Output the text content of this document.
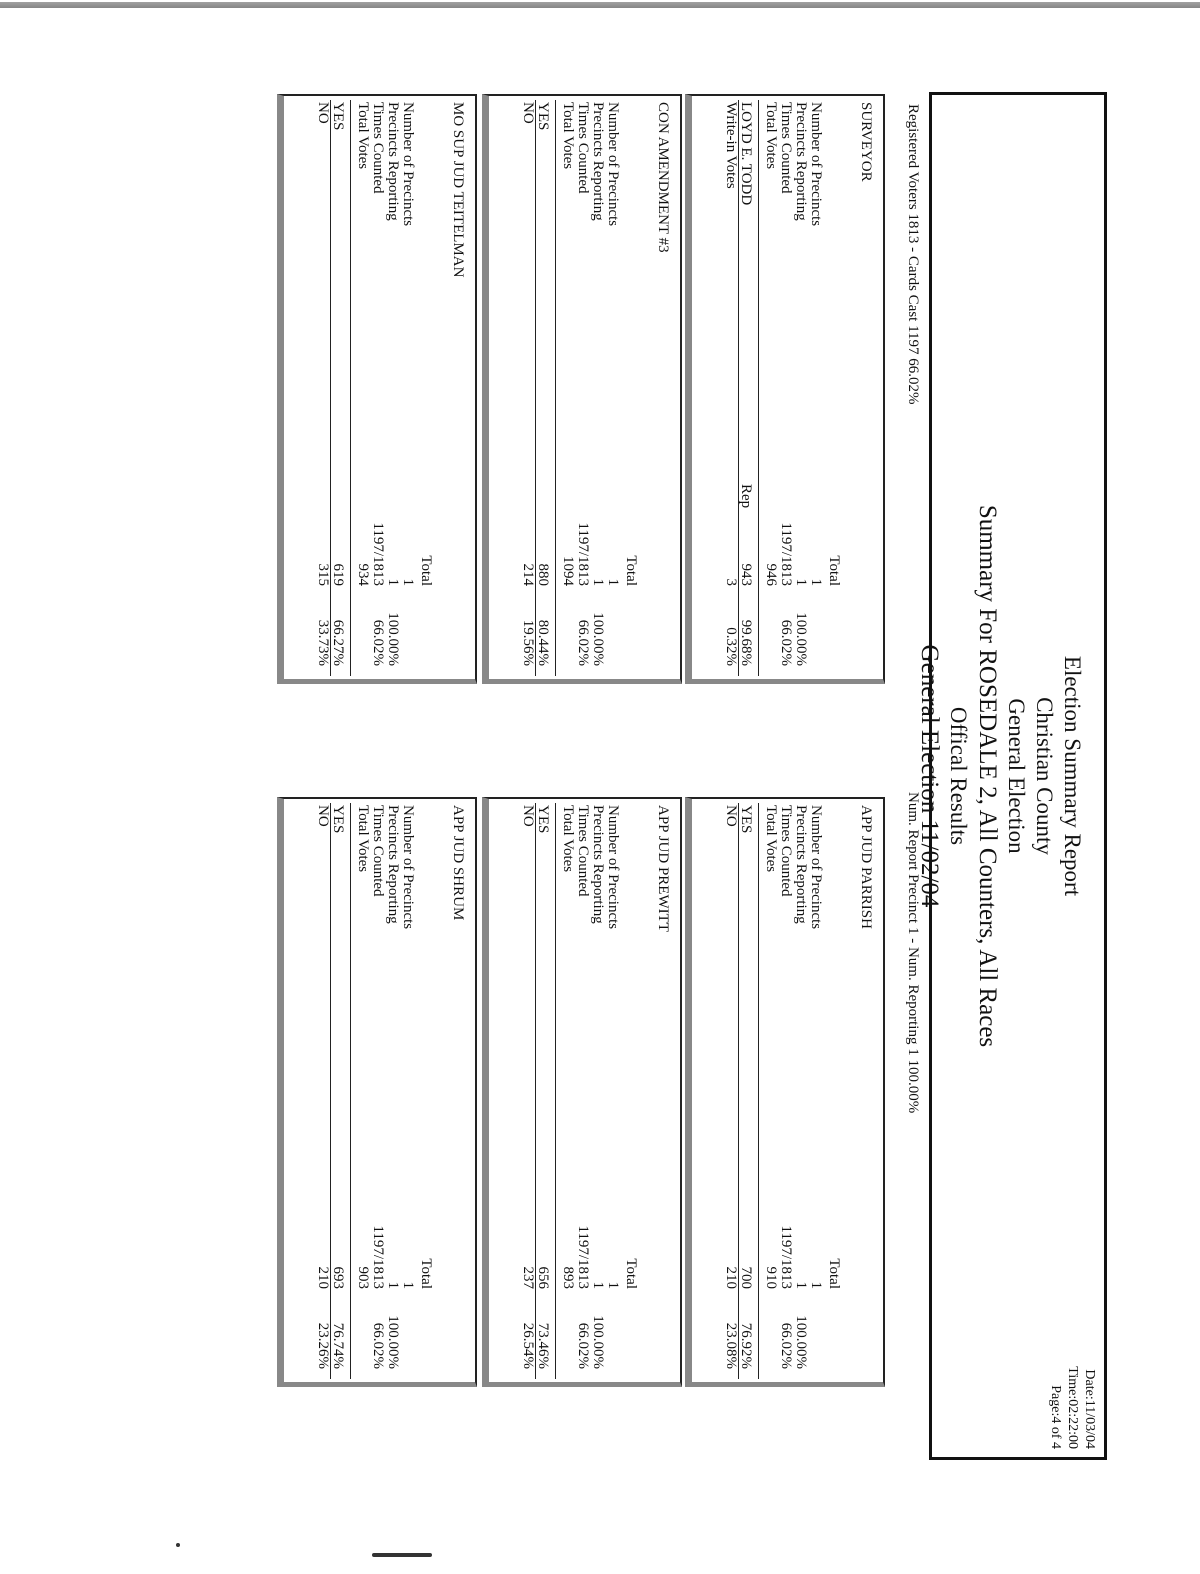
Election Summary Report
Christian County
General Election
Summary For ROSEDALE 2, All Counters, All Races
Offical Results
General Election 11/02/04
Date:11/03/04
Time:02:22:00
Page:4 of 4
Registered Voters 1813 - Cards Cast 1197 66.02%
Num. Report Precinct 1 - Num. Reporting 1 100.00%
SURVEYOR
Total
Number of Precincts
1
Precincts Reporting
1
100.00%
Times Counted
1197/1813
66.02%
Total Votes
946
LOYD E. TODD
Rep
943
99.68%
Write-in Votes
3
0.32%
CON AMENDMENT #3
Total
Number of Precincts
1
Precincts Reporting
1
100.00%
Times Counted
1197/1813
66.02%
Total Votes
1094
YES
880
80.44%
NO
214
19.56%
MO SUP JUD TEITELMAN
Total
Number of Precincts
1
Precincts Reporting
1
100.00%
Times Counted
1197/1813
66.02%
Total Votes
934
YES
619
66.27%
NO
315
33.73%
APP JUD PARRISH
Total
Number of Precincts
1
Precincts Reporting
1
100.00%
Times Counted
1197/1813
66.02%
Total Votes
910
YES
700
76.92%
NO
210
23.08%
APP JUD PREWITT
Total
Number of Precincts
1
Precincts Reporting
1
100.00%
Times Counted
1197/1813
66.02%
Total Votes
893
YES
656
73.46%
NO
237
26.54%
APP JUD SHRUM
Total
Number of Precincts
1
Precincts Reporting
1
100.00%
Times Counted
1197/1813
66.02%
Total Votes
903
YES
693
76.74%
NO
210
23.26%
